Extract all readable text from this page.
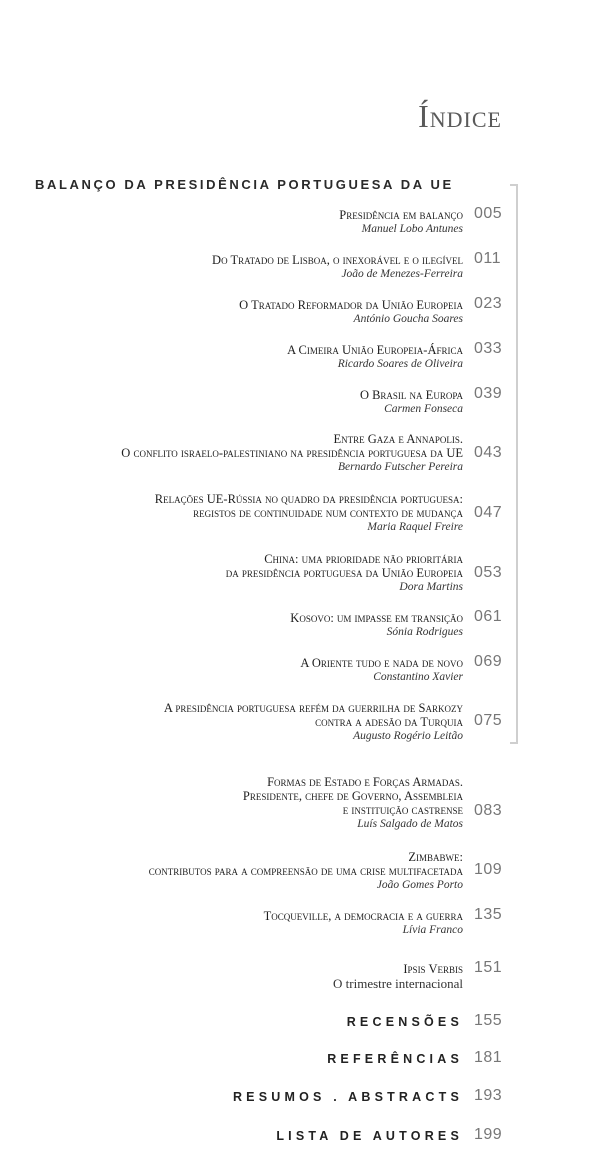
Índice
BALANÇO DA PRESIDÊNCIA PORTUGUESA DA UE
Presidência em balanço
Manuel Lobo Antunes
005
Do Tratado de Lisboa, o inexorável e o ilegível
João de Menezes-Ferreira
011
O Tratado Reformador da União Europeia
António Goucha Soares
023
A Cimeira União Europeia-África
Ricardo Soares de Oliveira
033
O Brasil na Europa
Carmen Fonseca
039
Entre Gaza e Annapolis.
O conflito israelo-palestiniano na presidência portuguesa da UE
Bernardo Futscher Pereira
043
Relações UE-Rússia no quadro da presidência portuguesa:
registos de continuidade num contexto de mudança
Maria Raquel Freire
047
China: uma prioridade não prioritária
da presidência portuguesa da União Europeia
Dora Martins
053
Kosovo: um impasse em transição
Sónia Rodrigues
061
A Oriente tudo e nada de novo
Constantino Xavier
069
A presidência portuguesa refém da guerrilha de Sarkozy
contra a adesão da Turquia
Augusto Rogério Leitão
075
Formas de Estado e Forças Armadas.
Presidente, chefe de Governo, Assembleia
e instituição castrense
Luís Salgado de Matos
083
Zimbabwe:
contributos para a compreensão de uma crise multifacetada
João Gomes Porto
109
Tocqueville, a democracia e a guerra
Lívia Franco
135
Ipsis Verbis
O trimestre internacional
151
RECENSÕES 155
REFERÊNCIAS 181
RESUMOS . ABSTRACTS 193
LISTA DE AUTORES 199
